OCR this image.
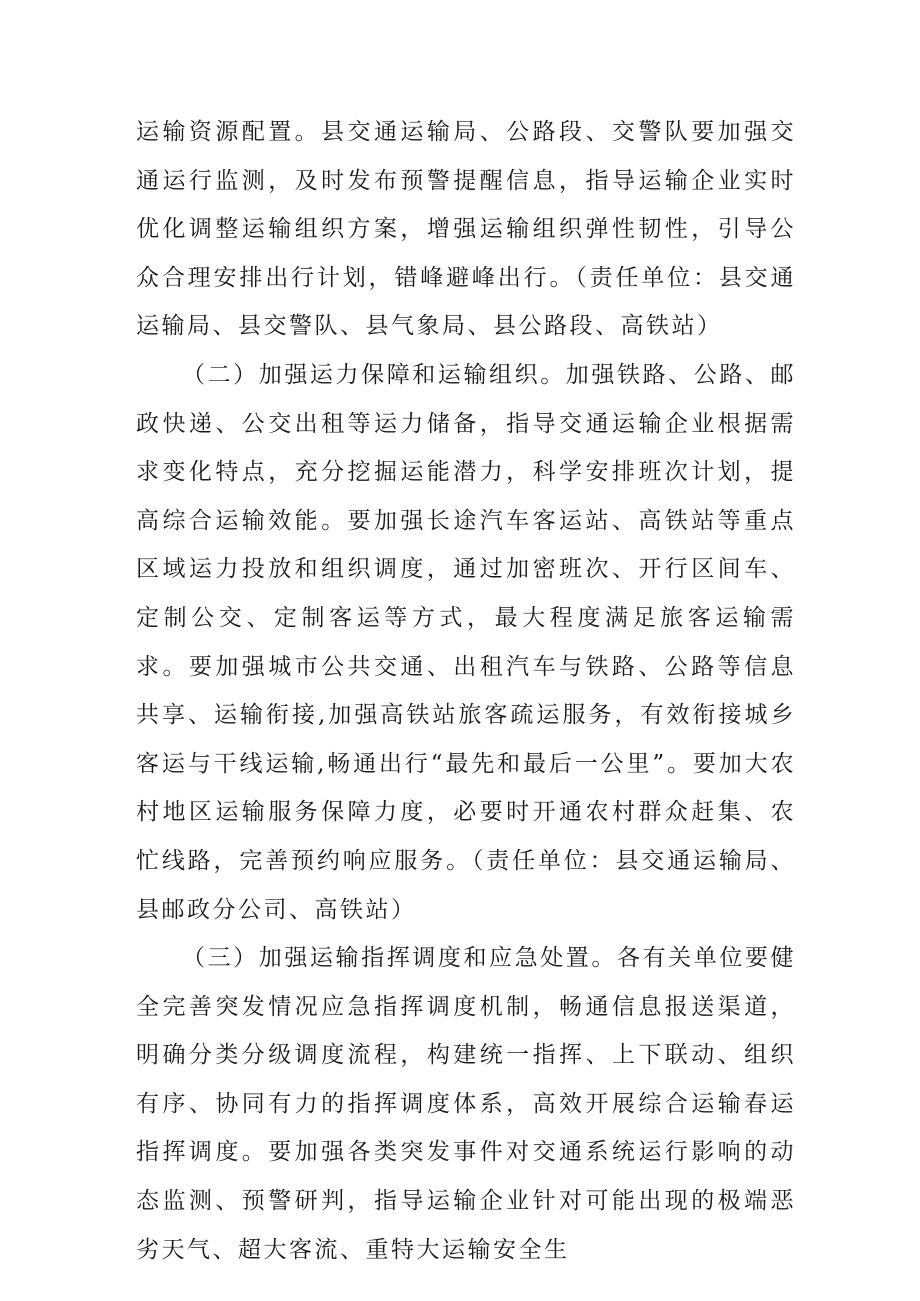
运输资源配置。县交通运输局、公路段、交警队要加强交通运行监测，及时发布预警提醒信息，指导运输企业实时优化调整运输组织方案，增强运输组织弹性韧性，引导公众合理安排出行计划，错峰避峰出行。（责任单位：县交通运输局、县交警队、县气象局、县公路段、高铁站）

（二）加强运力保障和运输组织。加强铁路、公路、邮政快递、公交出租等运力储备，指导交通运输企业根据需求变化特点，充分挖掘运能潜力，科学安排班次计划，提高综合运输效能。要加强长途汽车客运站、高铁站等重点区域运力投放和组织调度，通过加密班次、开行区间车、定制公交、定制客运等方式，最大程度满足旅客运输需求。要加强城市公共交通、出租汽车与铁路、公路等信息共享、运输衔接,加强高铁站旅客疏运服务，有效衔接城乡客运与干线运输,畅通出行“最先和最后一公里”。要加大农村地区运输服务保障力度，必要时开通农村群众赶集、农忙线路，完善预约响应服务。（责任单位：县交通运输局、县邮政分公司、高铁站）

（三）加强运输指挥调度和应急处置。各有关单位要健全完善突发情况应急指挥调度机制，畅通信息报送渠道，明确分类分级调度流程，构建统一指挥、上下联动、组织有序、协同有力的指挥调度体系，高效开展综合运输春运指挥调度。要加强各类突发事件对交通系统运行影响的动态监测、预警研判，指导运输企业针对可能出现的极端恶劣天气、超大客流、重特大运输安全生
